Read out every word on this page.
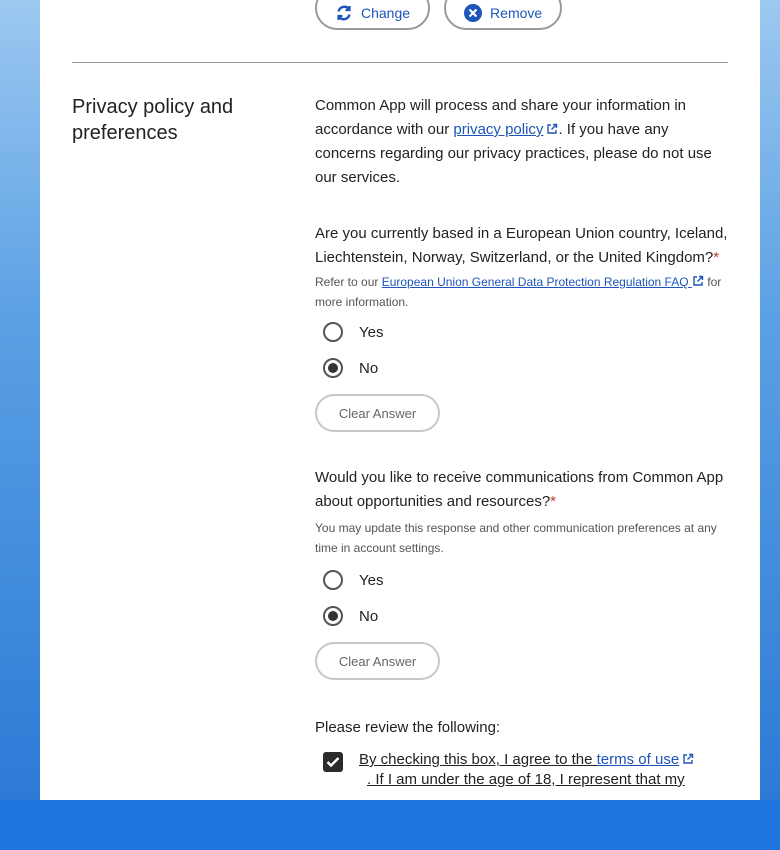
Change	Remove
Privacy policy and preferences

Common App will process and share your information in accordance with our privacy policy . If you have any concerns regarding our privacy practices, please do not use our services.

Are you currently based in a European Union country, Iceland, Liechtenstein, Norway, Switzerland, or the United Kingdom?*

Refer to our European Union General Data Protection Regulation FAQ  for more information.

Yes
No
Clear Answer

Would you like to receive communications from Common App about opportunities and resources?*

You may update this response and other communication preferences at any time in account settings.

Yes
No
Clear Answer

Please review the following:

By checking this box, I agree to the terms of use
. If I am under the age of 18, I represent that my
